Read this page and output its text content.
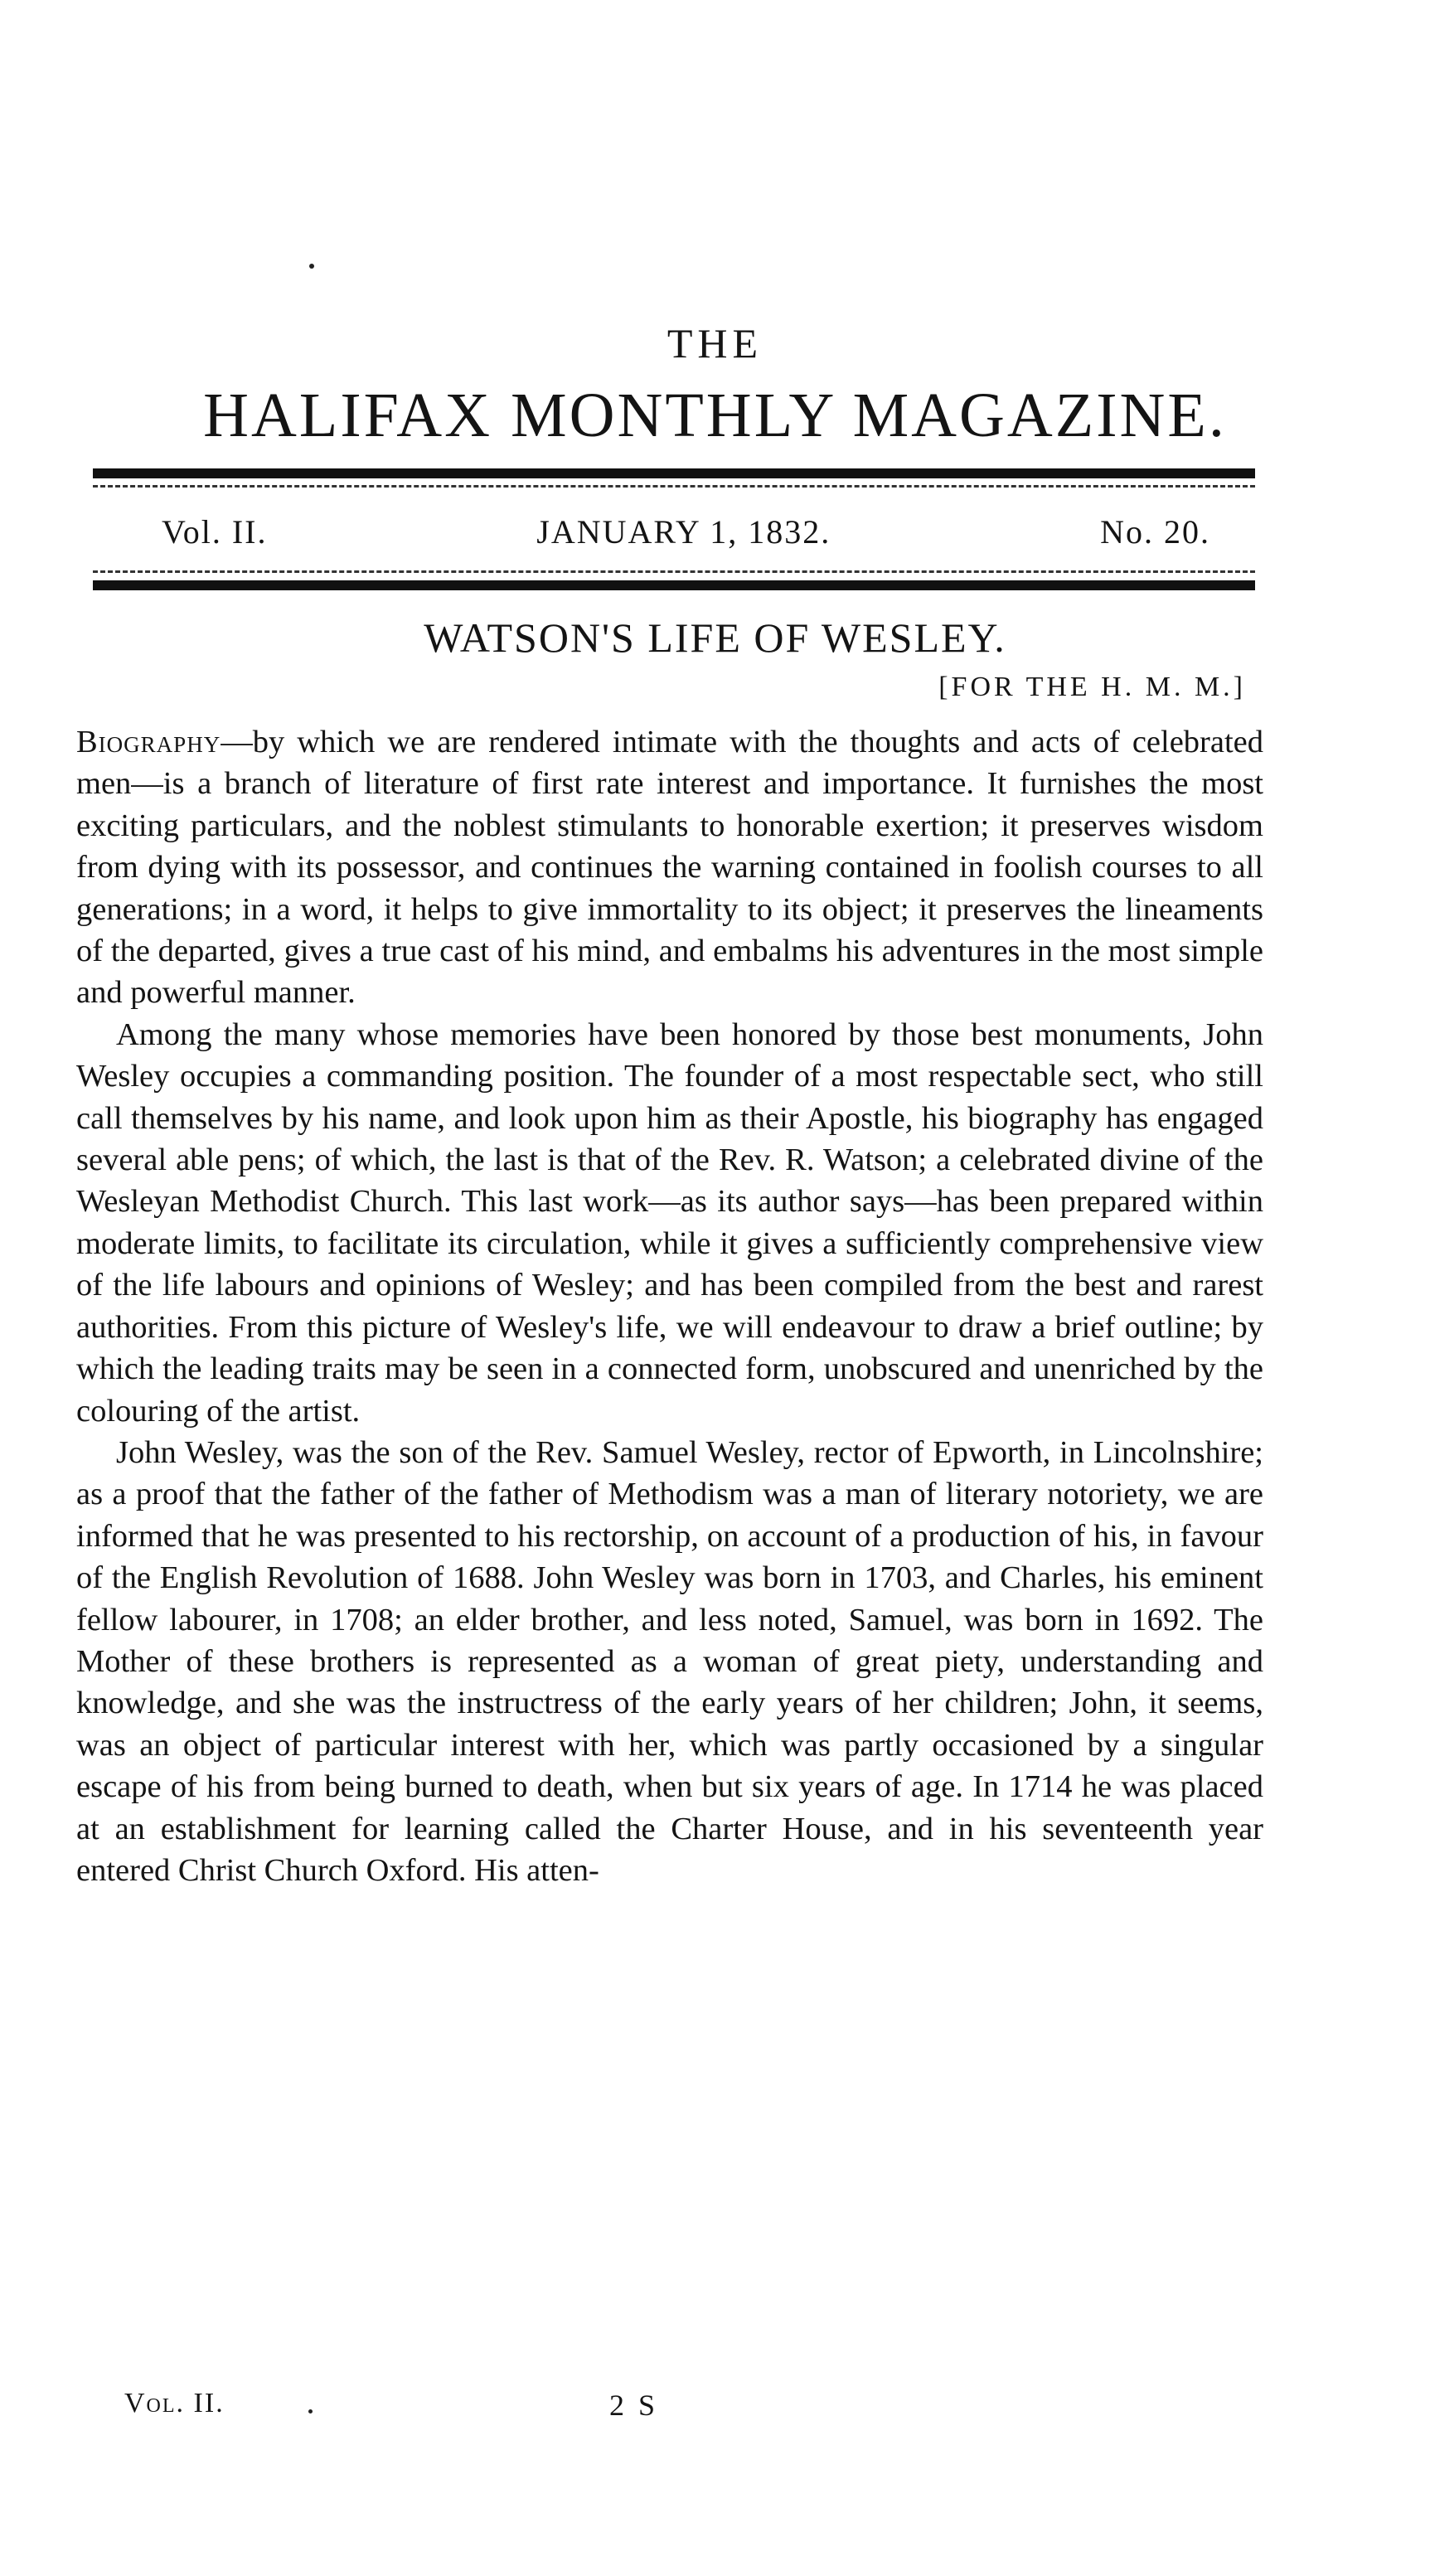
THE
HALIFAX MONTHLY MAGAZINE.
Vol. II.	JANUARY 1, 1832.	No. 20.
WATSON'S LIFE OF WESLEY.
[FOR THE H. M. M.]

Biography—by which we are rendered intimate with the thoughts and acts of celebrated men—is a branch of literature of first rate interest and importance. It furnishes the most exciting particulars, and the noblest stimulants to honorable exertion; it preserves wisdom from dying with its possessor, and continues the warning contained in foolish courses to all generations; in a word, it helps to give immortality to its object; it preserves the lineaments of the departed, gives a true cast of his mind, and embalms his adventures in the most simple and powerful manner.

Among the many whose memories have been honored by those best monuments, John Wesley occupies a commanding position. The founder of a most respectable sect, who still call themselves by his name, and look upon him as their Apostle, his biography has engaged several able pens; of which, the last is that of the Rev. R. Watson; a celebrated divine of the Wesleyan Methodist Church. This last work—as its author says—has been prepared within moderate limits, to facilitate its circulation, while it gives a sufficiently comprehensive view of the life labours and opinions of Wesley; and has been compiled from the best and rarest authorities. From this picture of Wesley's life, we will endeavour to draw a brief outline; by which the leading traits may be seen in a connected form, unobscured and unenriched by the colouring of the artist.

John Wesley, was the son of the Rev. Samuel Wesley, rector of Epworth, in Lincolnshire; as a proof that the father of the father of Methodism was a man of literary notoriety, we are informed that he was presented to his rectorship, on account of a production of his, in favour of the English Revolution of 1688. John Wesley was born in 1703, and Charles, his eminent fellow labourer, in 1708; an elder brother, and less noted, Samuel, was born in 1692. The Mother of these brothers is represented as a woman of great piety, understanding and knowledge, and she was the instructress of the early years of her children; John, it seems, was an object of particular interest with her, which was partly occasioned by a singular escape of his from being burned to death, when but six years of age. In 1714 he was placed at an establishment for learning called the Charter House, and in his seventeenth year entered Christ Church Oxford. His atten-

Vol. II.	2 S
